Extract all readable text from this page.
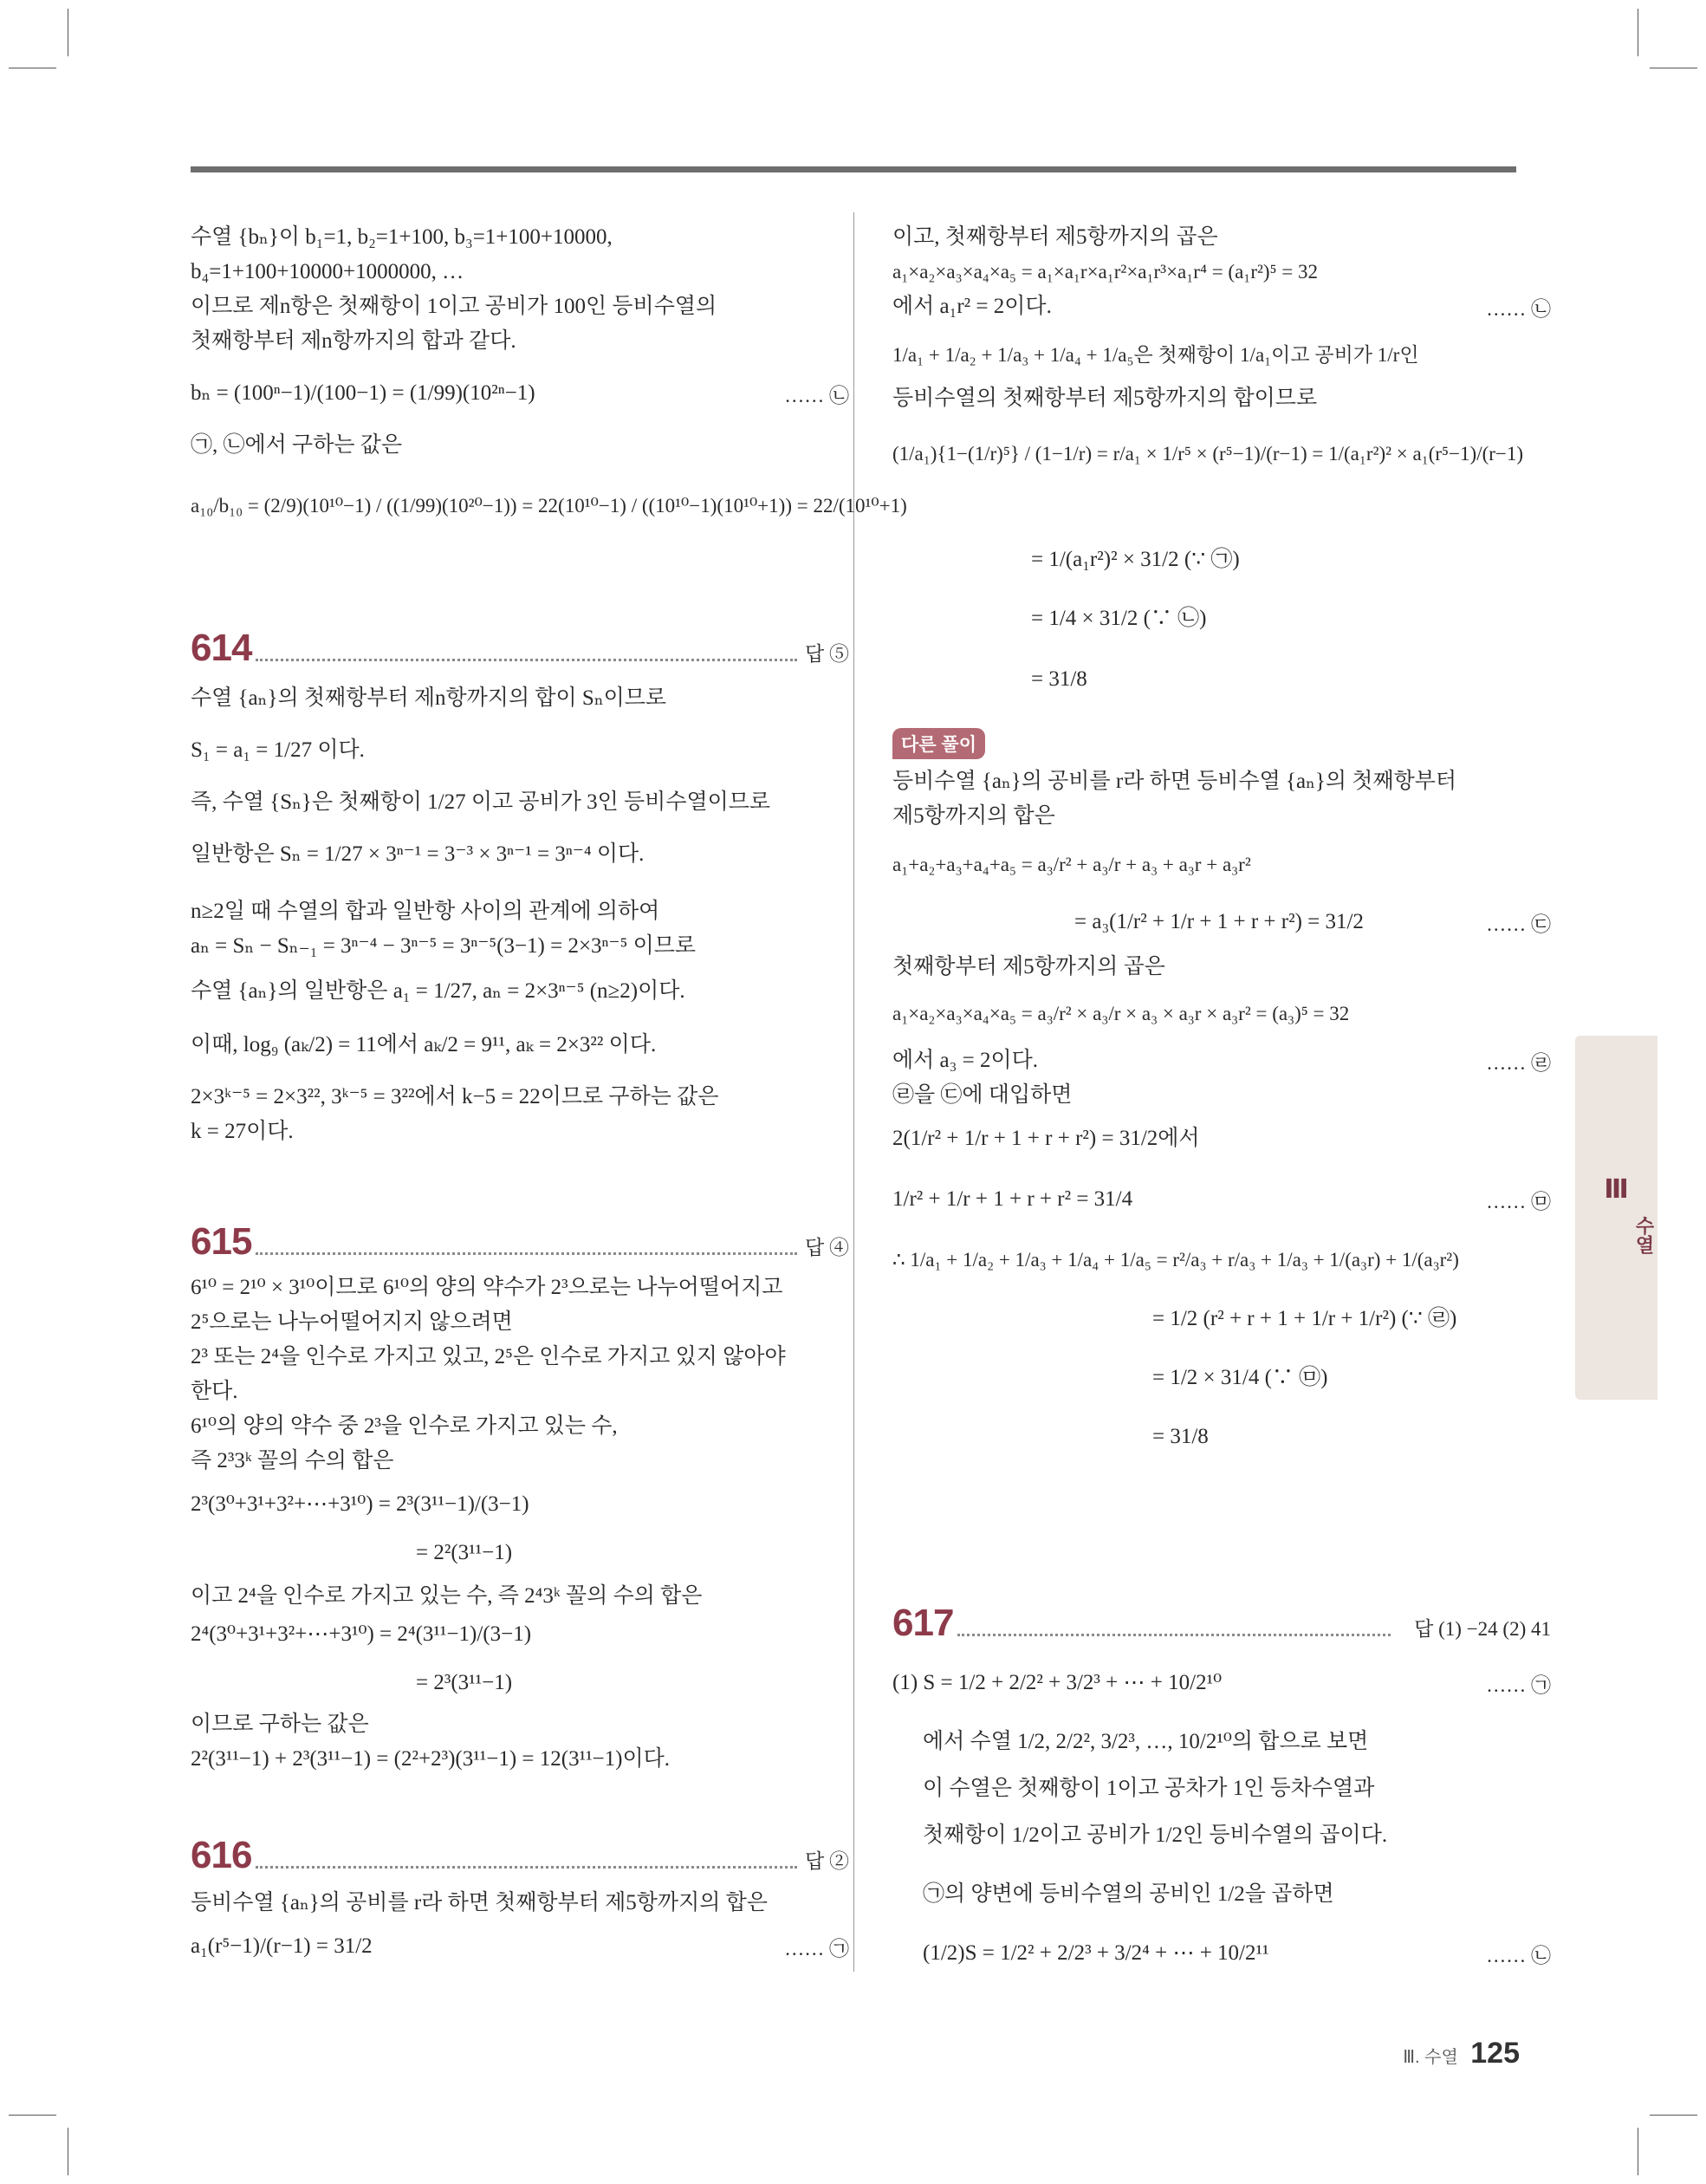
수열 {bₙ}이 b₁=1, b₂=1+100, b₃=1+100+10000,
b₄=1+100+10000+1000000, …
이므로 제n항은 첫째항이 1이고 공비가 100인 등비수열의
첫째항부터 제n항까지의 합과 같다.
bₙ = (100ⁿ−1)/(100−1) = (1/99)(10²ⁿ−1)	…… ㉡
㉠, ㉡에서 구하는 값은
a₁₀/b₁₀ = (2/9)(10¹⁰−1) / ((1/99)(10²⁰−1)) = 22(10¹⁰−1) / ((10¹⁰−1)(10¹⁰+1)) = 22/(10¹⁰+1)
614	답 ⑤
수열 {aₙ}의 첫째항부터 제n항까지의 합이 Sₙ이므로
S₁ = a₁ = 1/27 이다.
즉, 수열 {Sₙ}은 첫째항이 1/27 이고 공비가 3인 등비수열이므로
일반항은 Sₙ = 1/27 × 3ⁿ⁻¹ = 3⁻³ × 3ⁿ⁻¹ = 3ⁿ⁻⁴ 이다.
n≥2일 때 수열의 합과 일반항 사이의 관계에 의하여
aₙ = Sₙ − Sₙ₋₁ = 3ⁿ⁻⁴ − 3ⁿ⁻⁵ = 3ⁿ⁻⁵(3−1) = 2×3ⁿ⁻⁵ 이므로
수열 {aₙ}의 일반항은 a₁ = 1/27, aₙ = 2×3ⁿ⁻⁵ (n≥2)이다.
이때, log₉ (aₖ/2) = 11에서 aₖ/2 = 9¹¹, aₖ = 2×3²² 이다.
2×3ᵏ⁻⁵ = 2×3²², 3ᵏ⁻⁵ = 3²²에서 k−5 = 22이므로 구하는 값은
k = 27이다.
615	답 ④
6¹⁰ = 2¹⁰ × 3¹⁰이므로 6¹⁰의 양의 약수가 2³으로는 나누어떨어지고
2⁵으로는 나누어떨어지지 않으려면
2³ 또는 2⁴을 인수로 가지고 있고, 2⁵은 인수로 가지고 있지 않아야
한다.
6¹⁰의 양의 약수 중 2³을 인수로 가지고 있는 수,
즉 2³3ᵏ 꼴의 수의 합은
2³(3⁰+3¹+3²+⋯+3¹⁰) = 2³(3¹¹−1)/(3−1)
= 2²(3¹¹−1)
이고 2⁴을 인수로 가지고 있는 수, 즉 2⁴3ᵏ 꼴의 수의 합은
2⁴(3⁰+3¹+3²+⋯+3¹⁰) = 2⁴(3¹¹−1)/(3−1)
= 2³(3¹¹−1)
이므로 구하는 값은
2²(3¹¹−1) + 2³(3¹¹−1) = (2²+2³)(3¹¹−1) = 12(3¹¹−1)이다.
616	답 ②
등비수열 {aₙ}의 공비를 r라 하면 첫째항부터 제5항까지의 합은
a₁(r⁵−1)/(r−1) = 31/2	…… ㉠
이고, 첫째항부터 제5항까지의 곱은
a₁×a₂×a₃×a₄×a₅ = a₁×a₁r×a₁r²×a₁r³×a₁r⁴ = (a₁r²)⁵ = 32
에서 a₁r² = 2이다.	…… ㉡
1/a₁ + 1/a₂ + 1/a₃ + 1/a₄ + 1/a₅은 첫째항이 1/a₁이고 공비가 1/r인
등비수열의 첫째항부터 제5항까지의 합이므로
(1/a₁){1−(1/r)⁵} / (1−1/r) = r/a₁ × 1/r⁵ × (r⁵−1)/(r−1) = 1/(a₁r²)² × a₁(r⁵−1)/(r−1)
= 1/(a₁r²)² × 31/2 (∵ ㉠)
= 1/4 × 31/2 (∵ ㉡)
= 31/8
다른 풀이
등비수열 {aₙ}의 공비를 r라 하면 등비수열 {aₙ}의 첫째항부터
제5항까지의 합은
a₁+a₂+a₃+a₄+a₅ = a₃/r² + a₃/r + a₃ + a₃r + a₃r²
= a₃(1/r² + 1/r + 1 + r + r²) = 31/2	…… ㉢
첫째항부터 제5항까지의 곱은
a₁×a₂×a₃×a₄×a₅ = a₃/r² × a₃/r × a₃ × a₃r × a₃r² = (a₃)⁵ = 32
에서 a₃ = 2이다.	…… ㉣
㉣을 ㉢에 대입하면
2(1/r² + 1/r + 1 + r + r²) = 31/2에서
1/r² + 1/r + 1 + r + r² = 31/4	…… ㉤
∴ 1/a₁ + 1/a₂ + 1/a₃ + 1/a₄ + 1/a₅ = r²/a₃ + r/a₃ + 1/a₃ + 1/(a₃r) + 1/(a₃r²)
= 1/2 (r² + r + 1 + 1/r + 1/r²) (∵ ㉣)
= 1/2 × 31/4 (∵ ㉤)
= 31/8
617	답 (1) −24 (2) 41
(1) S = 1/2 + 2/2² + 3/2³ + ⋯ + 10/2¹⁰	…… ㉠
에서 수열 1/2, 2/2², 3/2³, …, 10/2¹⁰의 합으로 보면
이 수열은 첫째항이 1이고 공차가 1인 등차수열과
첫째항이 1/2이고 공비가 1/2인 등비수열의 곱이다.
㉠의 양변에 등비수열의 공비인 1/2을 곱하면
(1/2)S = 1/2² + 2/2³ + 3/2⁴ + ⋯ + 10/2¹¹	…… ㉡
Ⅲ
수열
Ⅲ. 수열 125
